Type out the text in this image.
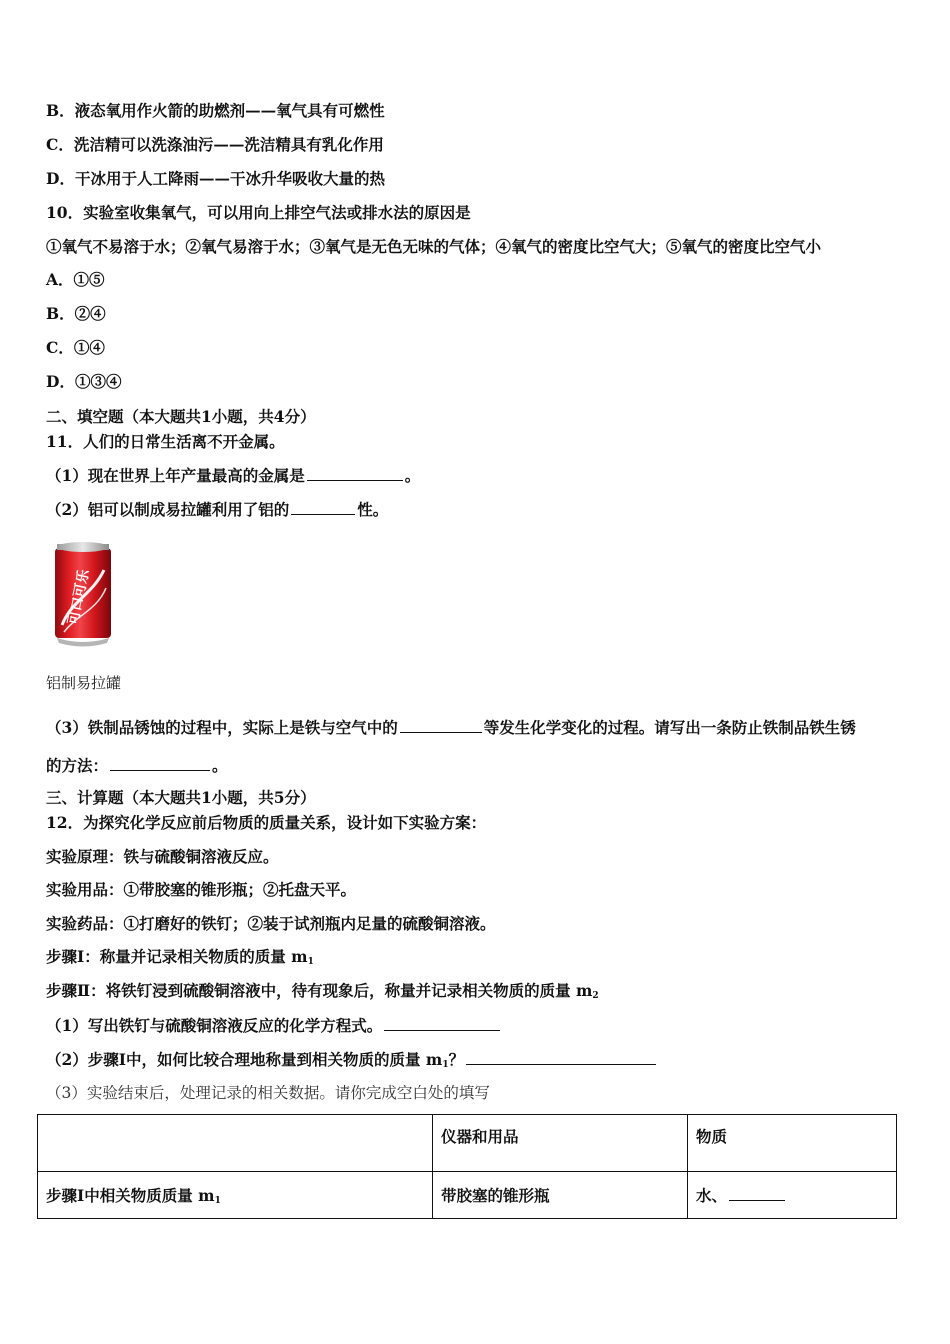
B．液态氧用作火箭的助燃剂——氧气具有可燃性
C．洗洁精可以洗涤油污——洗洁精具有乳化作用
D．干冰用于人工降雨——干冰升华吸收大量的热
10．实验室收集氧气，可以用向上排空气法或排水法的原因是
①氧气不易溶于水；②氧气易溶于水；③氧气是无色无味的气体；④氧气的密度比空气大；⑤氧气的密度比空气小
A．①⑤
B．②④
C．①④
D．①③④
二、填空题（本大题共1小题，共4分）
11．人们的日常生活离不开金属。
（1）现在世界上年产量最高的金属是	。
（2）铝可以制成易拉罐利用了铝的	性。
可口可乐
铝制易拉罐
（3）铁制品锈蚀的过程中，实际上是铁与空气中的	等发生化学变化的过程。请写出一条防止铁制品铁生锈
的方法：	。
三、计算题（本大题共1小题，共5分）
12．为探究化学反应前后物质的质量关系，设计如下实验方案：
实验原理：铁与硫酸铜溶液反应。
实验用品：①带胶塞的锥形瓶；②托盘天平。
实验药品：①打磨好的铁钉；②装于试剂瓶内足量的硫酸铜溶液。
步骤Ⅰ：称量并记录相关物质的质量 $m_1$
步骤Ⅱ：将铁钉浸到硫酸铜溶液中，待有现象后，称量并记录相关物质的质量 $m_2$
（1）写出铁钉与硫酸铜溶液反应的化学方程式。
（2）步骤Ⅰ中，如何比较合理地称量到相关物质的质量 $m_1$？
（3）实验结束后，处理记录的相关数据。请你完成空白处的填写
	仪器和用品	物质
步骤Ⅰ中相关物质质量 $m_1$	带胶塞的锥形瓶	水、
